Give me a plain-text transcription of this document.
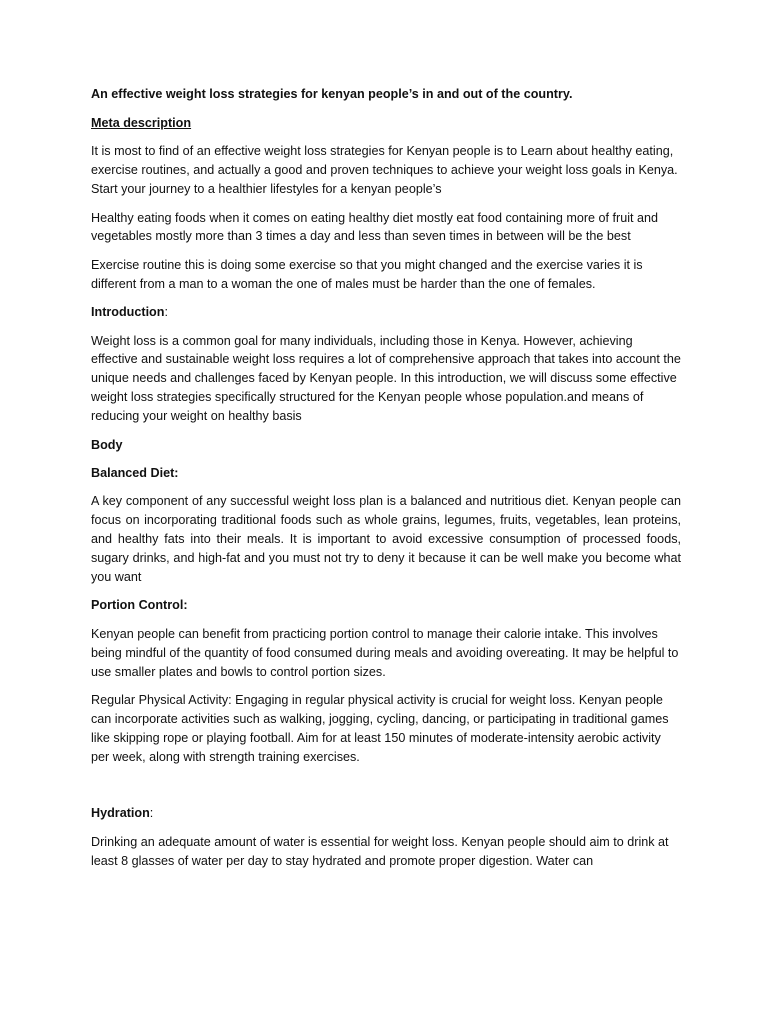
An effective weight loss strategies for kenyan people’s in and out of the country.

Meta description

It is most to find of an effective weight loss strategies for Kenyan people is to Learn about healthy eating, exercise routines, and actually a good and proven techniques to achieve your weight loss goals in Kenya. Start your journey to a healthier lifestyles for a kenyan people’s

Healthy eating foods when it comes on eating healthy diet mostly eat food containing more of fruit and vegetables mostly more than 3 times a day and less than seven times in between will be the best

Exercise routine this is doing some exercise so that you might changed and the exercise varies it is different from a man to a woman the one of males must be harder than the one of females.

Introduction:

Weight loss is a common goal for many individuals, including those in Kenya. However, achieving effective and sustainable weight loss requires a lot of comprehensive approach that takes into account the unique needs and challenges faced by Kenyan people. In this introduction, we will discuss some effective weight loss strategies specifically structured for the Kenyan people whose population.and means of reducing your weight on healthy basis

Body

Balanced Diet:

A key component of any successful weight loss plan is a balanced and nutritious diet. Kenyan people can focus on incorporating traditional foods such as whole grains, legumes, fruits, vegetables, lean proteins, and healthy fats into their meals. It is important to avoid excessive consumption of processed foods, sugary drinks, and high-fat and you must not try to deny it because it can be well make you become what you want

Portion Control:

Kenyan people can benefit from practicing portion control to manage their calorie intake. This involves being mindful of the quantity of food consumed during meals and avoiding overeating. It may be helpful to use smaller plates and bowls to control portion sizes.

Regular Physical Activity: Engaging in regular physical activity is crucial for weight loss. Kenyan people can incorporate activities such as walking, jogging, cycling, dancing, or participating in traditional games like skipping rope or playing football. Aim for at least 150 minutes of moderate-intensity aerobic activity per week, along with strength training exercises.

Hydration:

Drinking an adequate amount of water is essential for weight loss. Kenyan people should aim to drink at least 8 glasses of water per day to stay hydrated and promote proper digestion. Water can
